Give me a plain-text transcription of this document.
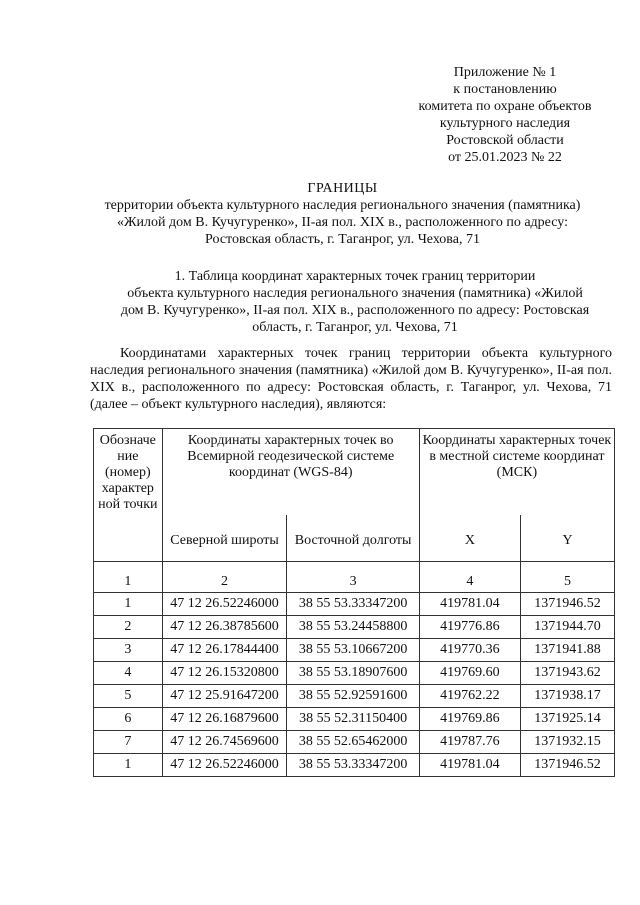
Приложение № 1
к постановлению
комитета по охране объектов
культурного наследия
Ростовской области
от 25.01.2023 № 22
ГРАНИЦЫ
территории объекта культурного наследия регионального значения (памятника)
«Жилой дом В. Кучугуренко», II-ая пол. XIX в., расположенного по адресу:
Ростовская область, г. Таганрог, ул. Чехова, 71
1. Таблица координат характерных точек границ территории
объекта культурного наследия регионального значения (памятника) «Жилой
дом В. Кучугуренко», II-ая пол. XIX в., расположенного по адресу: Ростовская
область, г. Таганрог, ул. Чехова, 71
Координатами характерных точек границ территории объекта культурного наследия регионального значения (памятника) «Жилой дом В. Кучугуренко», II-ая пол. XIX в., расположенного по адресу: Ростовская область, г. Таганрог, ул. Чехова, 71 (далее – объект культурного наследия), являются:
Обозначе ние (номер) характер ной точки	Координаты характерных точек во Всемирной геодезической системе координат (WGS-84)		Координаты характерных точек в местной системе координат (МСК)	
	Северной широты	Восточной долготы	X	Y
1	2	3	4	5
1	47 12 26.52246000	38 55 53.33347200	419781.04	1371946.52
2	47 12 26.38785600	38 55 53.24458800	419776.86	1371944.70
3	47 12 26.17844400	38 55 53.10667200	419770.36	1371941.88
4	47 12 26.15320800	38 55 53.18907600	419769.60	1371943.62
5	47 12 25.91647200	38 55 52.92591600	419762.22	1371938.17
6	47 12 26.16879600	38 55 52.31150400	419769.86	1371925.14
7	47 12 26.74569600	38 55 52.65462000	419787.76	1371932.15
1	47 12 26.52246000	38 55 53.33347200	419781.04	1371946.52
